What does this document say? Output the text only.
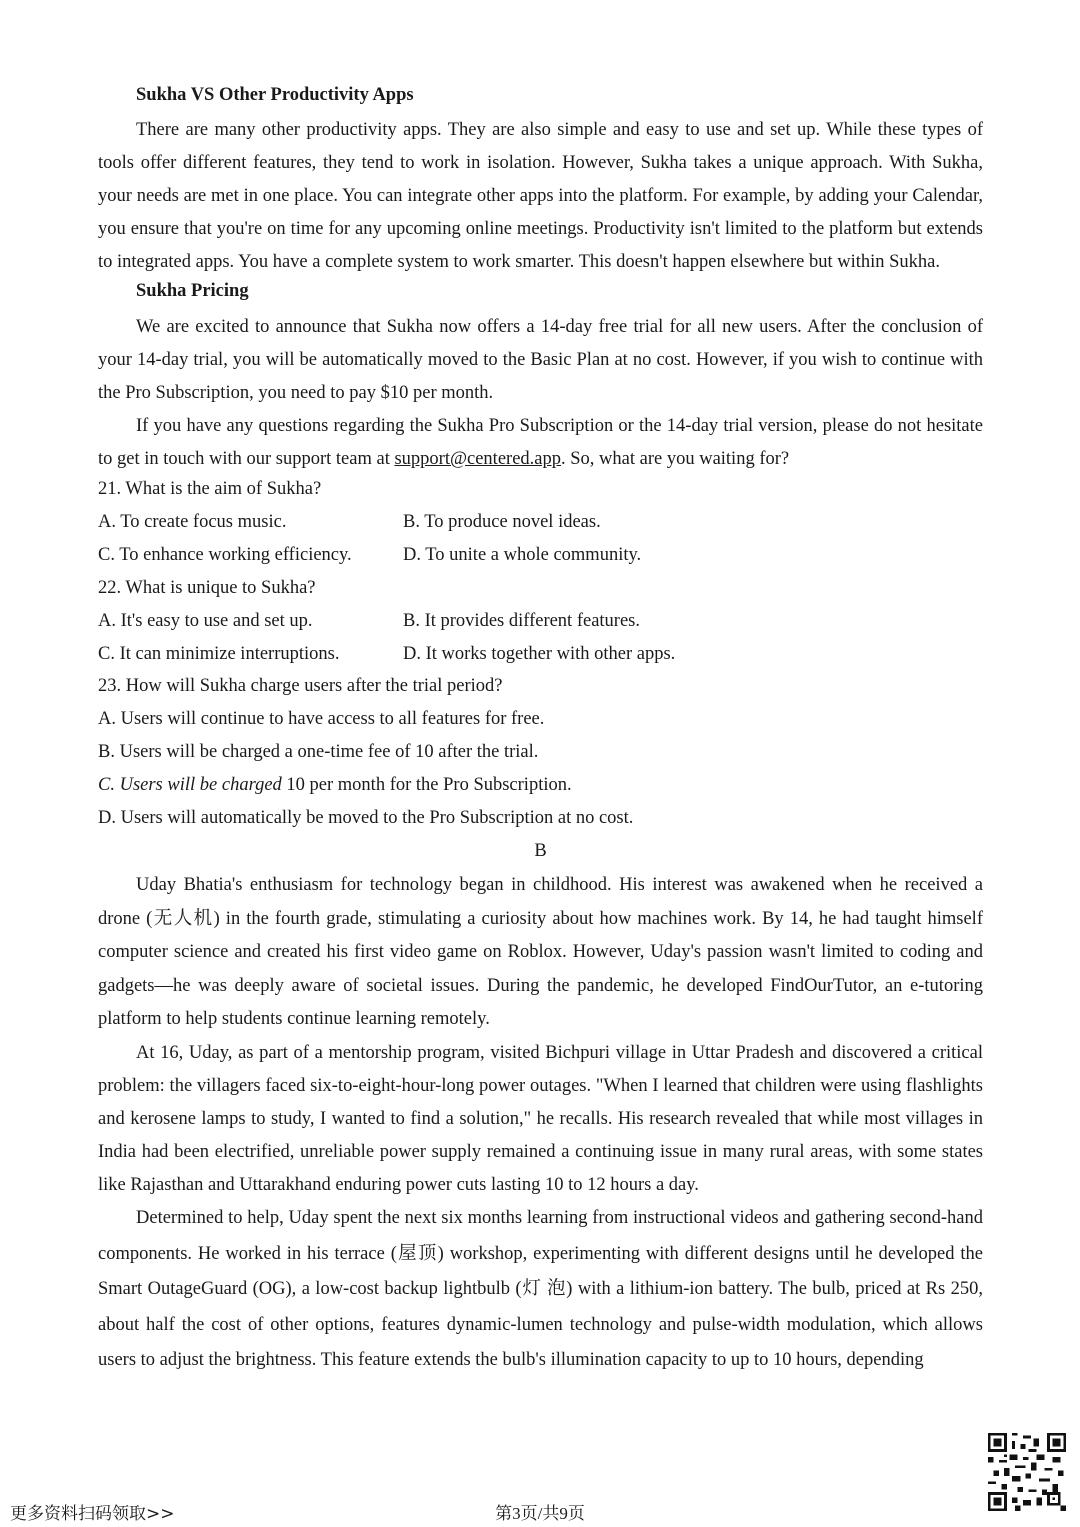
Sukha VS Other Productivity Apps

There are many other productivity apps. They are also simple and easy to use and set up. While these types of tools offer different features, they tend to work in isolation. However, Sukha takes a unique approach. With Sukha, your needs are met in one place. You can integrate other apps into the platform. For example, by adding your Calendar, you ensure that you're on time for any upcoming online meetings. Productivity isn't limited to the platform but extends to integrated apps. You have a complete system to work smarter. This doesn't happen elsewhere but within Sukha.

Sukha Pricing

We are excited to announce that Sukha now offers a 14-day free trial for all new users. After the conclusion of your 14-day trial, you will be automatically moved to the Basic Plan at no cost. However, if you wish to continue with the Pro Subscription, you need to pay $10 per month.

If you have any questions regarding the Sukha Pro Subscription or the 14-day trial version, please do not hesitate to get in touch with our support team at support@centered.app. So, what are you waiting for?

21. What is the aim of Sukha?
A. To create focus music.	B. To produce novel ideas.
C. To enhance working efficiency.	D. To unite a whole community.
22. What is unique to Sukha?
A. It's easy to use and set up.	B. It provides different features.
C. It can minimize interruptions.	D. It works together with other apps.
23. How will Sukha charge users after the trial period?
A. Users will continue to have access to all features for free.
B. Users will be charged a one-time fee of 10 after the trial.
C. Users will be charged 10 per month for the Pro Subscription.
D. Users will automatically be moved to the Pro Subscription at no cost.
B

Uday Bhatia's enthusiasm for technology began in childhood. His interest was awakened when he received a drone (无人机) in the fourth grade, stimulating a curiosity about how machines work. By 14, he had taught himself computer science and created his first video game on Roblox. However, Uday's passion wasn't limited to coding and gadgets—he was deeply aware of societal issues. During the pandemic, he developed FindOurTutor, an e-tutoring platform to help students continue learning remotely.

At 16, Uday, as part of a mentorship program, visited Bichpuri village in Uttar Pradesh and discovered a critical problem: the villagers faced six-to-eight-hour-long power outages. "When I learned that children were using flashlights and kerosene lamps to study, I wanted to find a solution," he recalls. His research revealed that while most villages in India had been electrified, unreliable power supply remained a continuing issue in many rural areas, with some states like Rajasthan and Uttarakhand enduring power cuts lasting 10 to 12 hours a day.

Determined to help, Uday spent the next six months learning from instructional videos and gathering second-hand components. He worked in his terrace (屋顶) workshop, experimenting with different designs until he developed the Smart OutageGuard (OG), a low-cost backup lightbulb (灯 泡) with a lithium-ion battery. The bulb, priced at Rs 250, about half the cost of other options, features dynamic-lumen technology and pulse-width modulation, which allows users to adjust the brightness. This feature extends the bulb's illumination capacity to up to 10 hours, depending

更多资料扫码领取>>	第3页/共9页
